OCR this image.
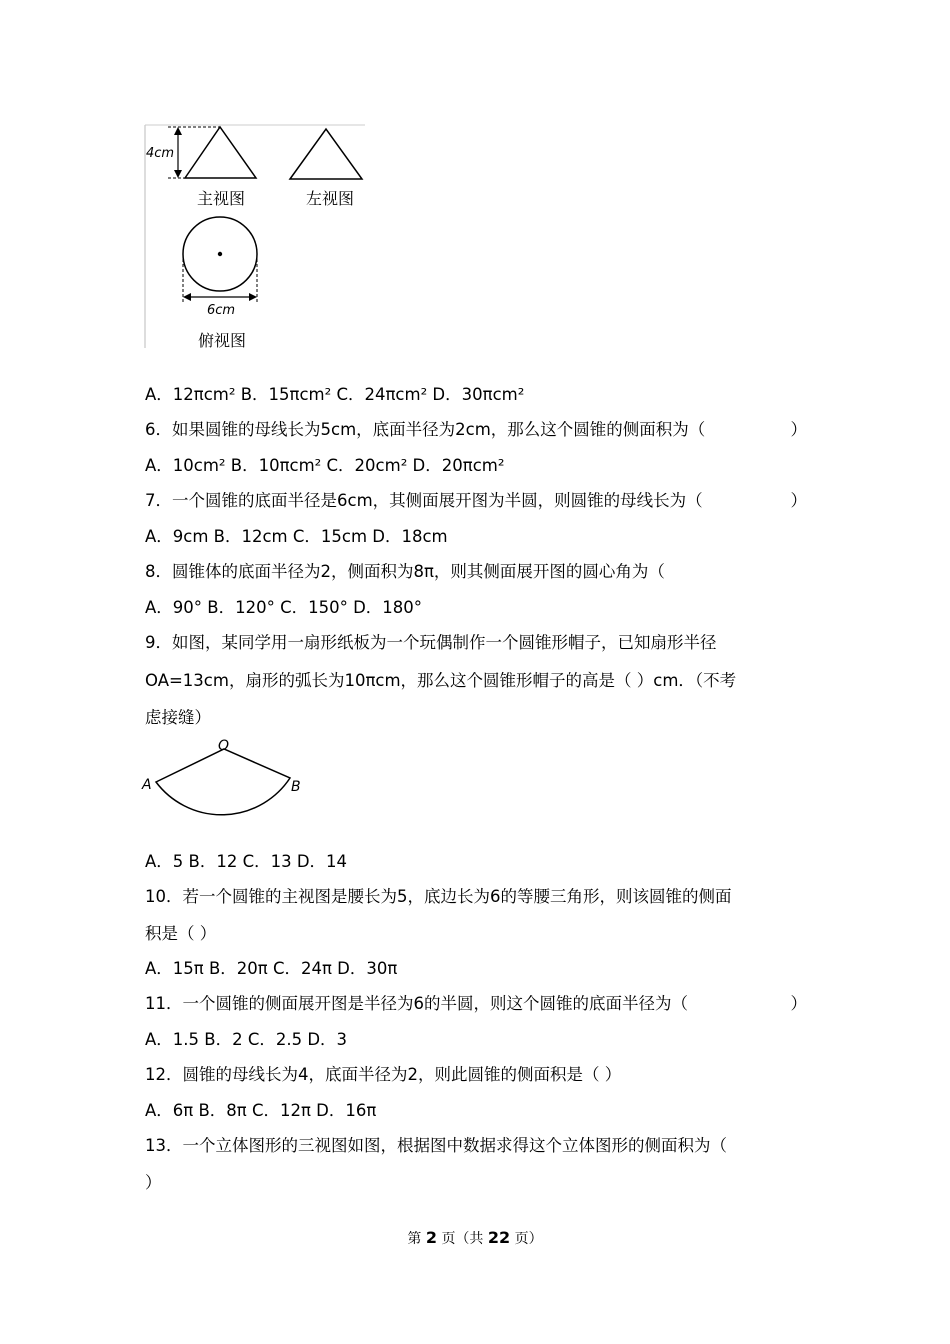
4cm
主视图	左视图
6cm
俯视图
A．12πcm² B．15πcm² C．24πcm² D．30πcm²
6．如果圆锥的母线长为5cm，底面半径为2cm，那么这个圆锥的侧面积为（	）
A．10cm² B．10πcm² C．20cm² D．20πcm²
7．一个圆锥的底面半径是6cm，其侧面展开图为半圆，则圆锥的母线长为（	）
A．9cm B．12cm C．15cm D．18cm
8．圆锥体的底面半径为2，侧面积为8π，则其侧面展开图的圆心角为（
A．90° B．120° C．150° D．180°
9．如图，某同学用一扇形纸板为一个玩偶制作一个圆锥形帽子，已知扇形半径
OA=13cm，扇形的弧长为10πcm，那么这个圆锥形帽子的高是（ ）cm．（不考
虑接缝）
O
A	B
A．5 B．12 C．13 D．14
10．若一个圆锥的主视图是腰长为5，底边长为6的等腰三角形，则该圆锥的侧面
积是（ ）
A．15π B．20π C．24π D．30π
11．一个圆锥的侧面展开图是半径为6的半圆，则这个圆锥的底面半径为（	）
A．1.5 B．2 C．2.5 D．3
12．圆锥的母线长为4，底面半径为2，则此圆锥的侧面积是（ ）
A．6π B．8π C．12π D．16π
13．一个立体图形的三视图如图，根据图中数据求得这个立体图形的侧面积为（
）
第 2 页（共 22 页）
